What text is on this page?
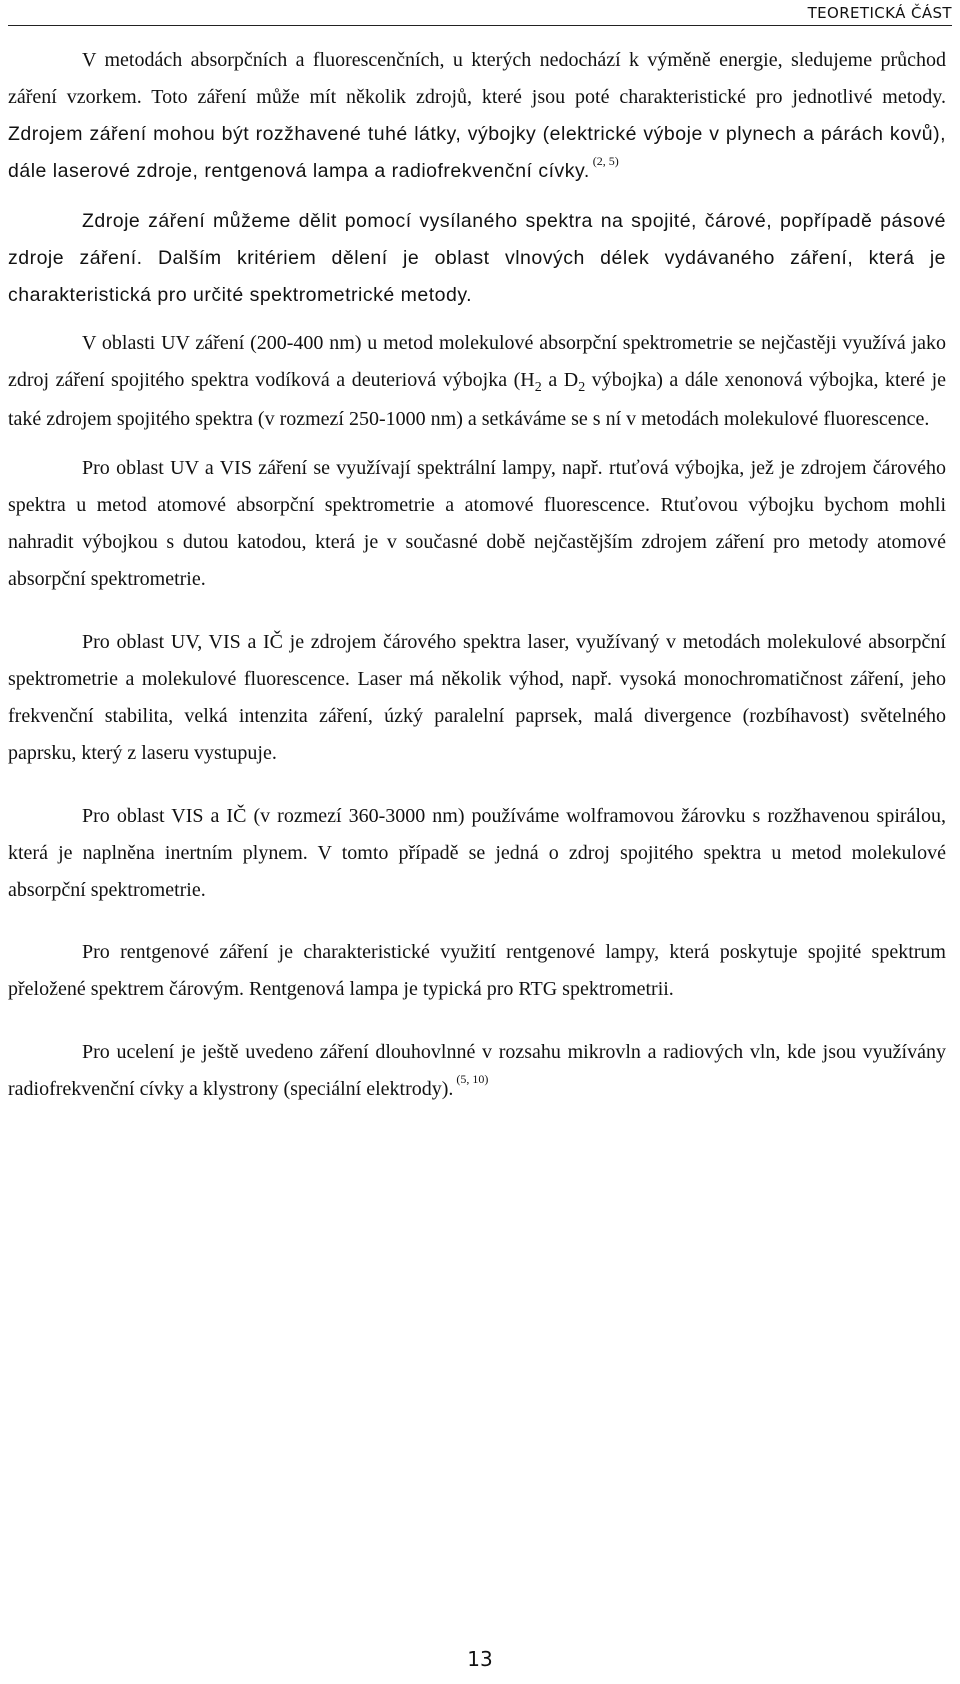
TEORETICKÁ ČÁST

V metodách absorpčních a fluorescenčních, u kterých nedochází k výměně energie, sledujeme průchod záření vzorkem. Toto záření může mít několik zdrojů, které jsou poté charakteristické pro jednotlivé metody. Zdrojem záření mohou být rozžhavené tuhé látky, výbojky (elektrické výboje v plynech a párách kovů), dále laserové zdroje, rentgenová lampa a radiofrekvenční cívky. $^{(2, 5)}$

Zdroje záření můžeme dělit pomocí vysílaného spektra na spojité, čárové, popřípadě pásové zdroje záření. Dalším kritériem dělení je oblast vlnových délek vydávaného záření, která je charakteristická pro určité spektrometrické metody.

V oblasti UV záření (200-400 nm) u metod molekulové absorpční spektrometrie se nejčastěji využívá jako zdroj záření spojitého spektra vodíková a deuteriová výbojka ($H_2$ a $D_2$ výbojka) a dále xenonová výbojka, které je také zdrojem spojitého spektra (v rozmezí 250-1000 nm) a setkáváme se s ní v metodách molekulové fluorescence.

Pro oblast UV a VIS záření se využívají spektrální lampy, např. rtuťová výbojka, jež je zdrojem čárového spektra u metod atomové absorpční spektrometrie a atomové fluorescence. Rtuťovou výbojku bychom mohli nahradit výbojkou s dutou katodou, která je v současné době nejčastějším zdrojem záření pro metody atomové absorpční spektrometrie.

Pro oblast UV, VIS a IČ je zdrojem čárového spektra laser, využívaný v metodách molekulové absorpční spektrometrie a molekulové fluorescence. Laser má několik výhod, např. vysoká monochromatičnost záření, jeho frekvenční stabilita, velká intenzita záření, úzký paralelní paprsek, malá divergence (rozbíhavost) světelného paprsku, který z laseru vystupuje.

Pro oblast VIS a IČ (v rozmezí 360-3000 nm) používáme wolframovou žárovku s rozžhavenou spirálou, která je naplněna inertním plynem. V tomto případě se jedná o zdroj spojitého spektra u metod molekulové absorpční spektrometrie.

Pro rentgenové záření je charakteristické využití rentgenové lampy, která poskytuje spojité spektrum přeložené spektrem čárovým. Rentgenová lampa je typická pro RTG spektrometrii.

Pro ucelení je ještě uvedeno záření dlouhovlnné v rozsahu mikrovln a radiových vln, kde jsou využívány radiofrekvenční cívky a klystrony (speciální elektrody). $^{(5, 10)}$

13
